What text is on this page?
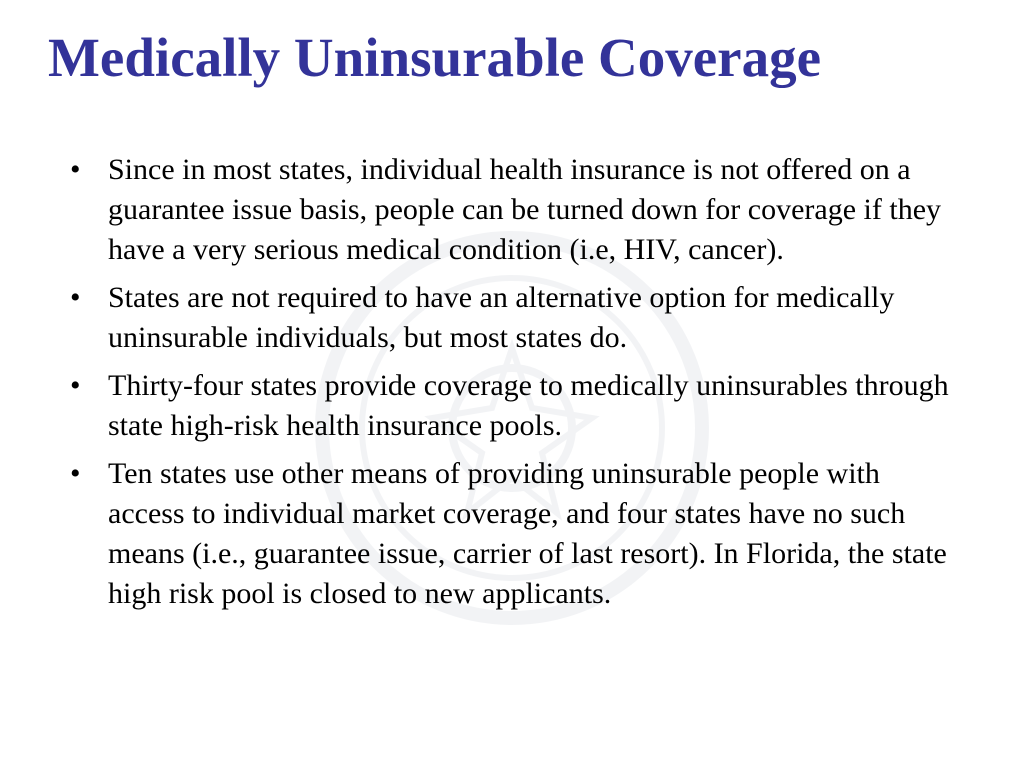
Medically Uninsurable Coverage
• Since in most states, individual health insurance is not offered on a guarantee issue basis, people can be turned down for coverage if they have a very serious medical condition (i.e, HIV, cancer).
• States are not required to have an alternative option for medically uninsurable individuals, but most states do.
• Thirty-four states provide coverage to medically uninsurables through state high-risk health insurance pools.
• Ten states use other means of providing uninsurable people with access to individual market coverage, and four states have no such means (i.e., guarantee issue, carrier of last resort). In Florida, the state high risk pool is closed to new applicants.
